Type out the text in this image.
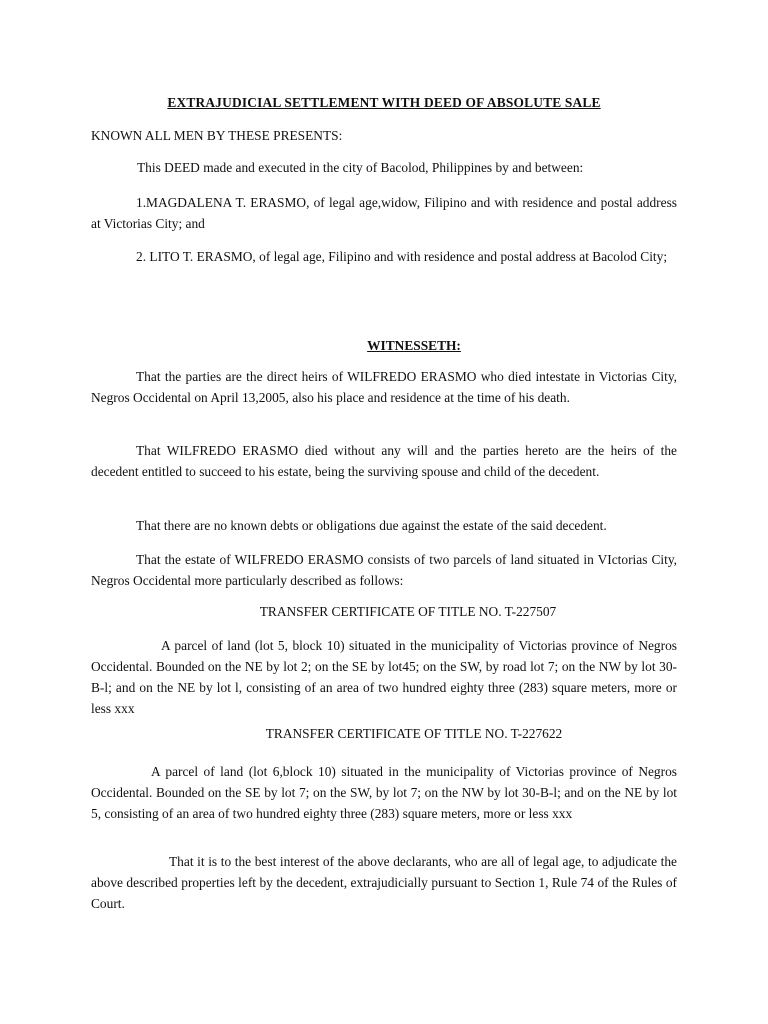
EXTRAJUDICIAL SETTLEMENT WITH DEED OF ABSOLUTE SALE
KNOWN ALL MEN BY THESE PRESENTS:
This DEED made and executed in the city of Bacolod, Philippines by and between:
1.MAGDALENA T. ERASMO, of legal age,widow, Filipino and with residence and postal address at Victorias City; and
2. LITO T. ERASMO, of legal age, Filipino and with residence and postal address at Bacolod City;
WITNESSETH:
That the parties are the direct heirs of WILFREDO ERASMO who died intestate in Victorias City, Negros Occidental on April 13,2005, also his place and residence at the time of his death.
That WILFREDO ERASMO died without any will and the parties hereto are the heirs of the decedent entitled to succeed to his estate, being the surviving spouse and child of the decedent.
That there are no known debts or obligations due against the estate of the said decedent.
That the estate of WILFREDO ERASMO consists of two parcels of land situated in VIctorias City, Negros Occidental more particularly described as follows:
TRANSFER CERTIFICATE OF TITLE NO. T-227507
A parcel of land (lot 5, block 10) situated in the municipality of Victorias province of Negros Occidental. Bounded on the NE by lot 2; on the SE by lot45; on the SW, by road lot 7; on the NW by lot 30-B-l; and on the NE by lot l, consisting of an area of two hundred eighty three (283) square meters, more or less xxx
TRANSFER CERTIFICATE OF TITLE NO. T-227622
A parcel of land (lot 6,block 10) situated in the municipality of Victorias province of Negros Occidental. Bounded on the SE by lot 7; on the SW, by lot 7; on the NW by lot 30-B-l; and on the NE by lot 5, consisting of an area of two hundred eighty three (283) square meters, more or less xxx
That it is to the best interest of the above declarants, who are all of legal age, to adjudicate the above described properties left by the decedent, extrajudicially pursuant to Section 1, Rule 74 of the Rules of Court.
